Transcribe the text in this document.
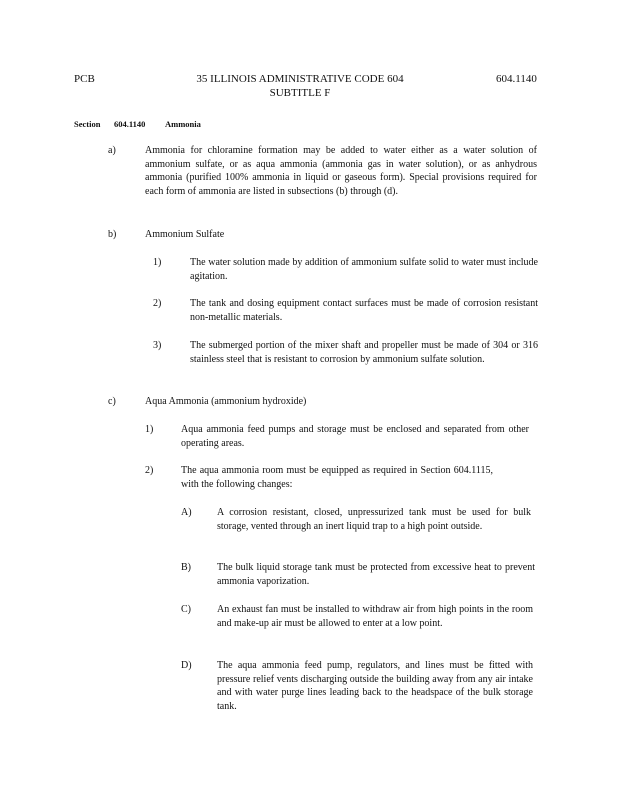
PCB	35 ILLINOIS ADMINISTRATIVE CODE 604
SUBTITLE F
604.1140
Section 604.1140 Ammonia
a)	Ammonia for chloramine formation may be added to water either as a water solution of ammonium sulfate, or as aqua ammonia (ammonia gas in water solution), or as anhydrous ammonia (purified 100% ammonia in liquid or gaseous form). Special provisions required for each form of ammonia are listed in subsections (b) through (d).
b)	Ammonium Sulfate
1)	The water solution made by addition of ammonium sulfate solid to water must include agitation.
2)	The tank and dosing equipment contact surfaces must be made of corrosion resistant non-metallic materials.
3)	The submerged portion of the mixer shaft and propeller must be made of 304 or 316 stainless steel that is resistant to corrosion by ammonium sulfate solution.
c)	Aqua Ammonia (ammonium hydroxide)
1)	Aqua ammonia feed pumps and storage must be enclosed and separated from other operating areas.
2)	The aqua ammonia room must be equipped as required in Section 604.1115, with the following changes:
A)	A corrosion resistant, closed, unpressurized tank must be used for bulk storage, vented through an inert liquid trap to a high point outside.
B)	The bulk liquid storage tank must be protected from excessive heat to prevent ammonia vaporization.
C)	An exhaust fan must be installed to withdraw air from high points in the room and make-up air must be allowed to enter at a low point.
D)	The aqua ammonia feed pump, regulators, and lines must be fitted with pressure relief vents discharging outside the building away from any air intake and with water purge lines leading back to the headspace of the bulk storage tank.
